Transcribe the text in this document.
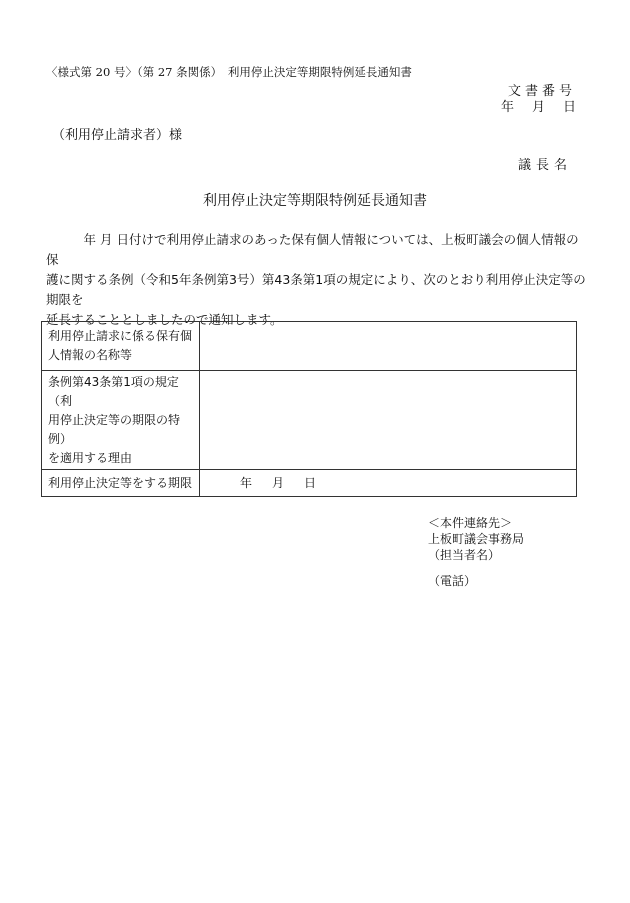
〈様式第 20 号〉（第 27 条関係）　利用停止決定等期限特例延長通知書
文書番号
年 月 日
（利用停止請求者）様
議長名
利用停止決定等期限特例延長通知書

　　　年 月 日付けで利用停止請求のあった保有個人情報については、上板町議会の個人情報の保

護に関する条例（令和5年条例第3号）第43条第1項の規定により、次のとおり利用停止決定等の期限を

延長することとしましたので通知します。

利用停止請求に係る保有個
人情報の名称等	

条例第43条第1項の規定（利
用停止決定等の期限の特例）
を適用する理由	

利用停止決定等をする期限	年 月 日
＜本件連絡先＞
上板町議会事務局
（担当者名）
（電話）
